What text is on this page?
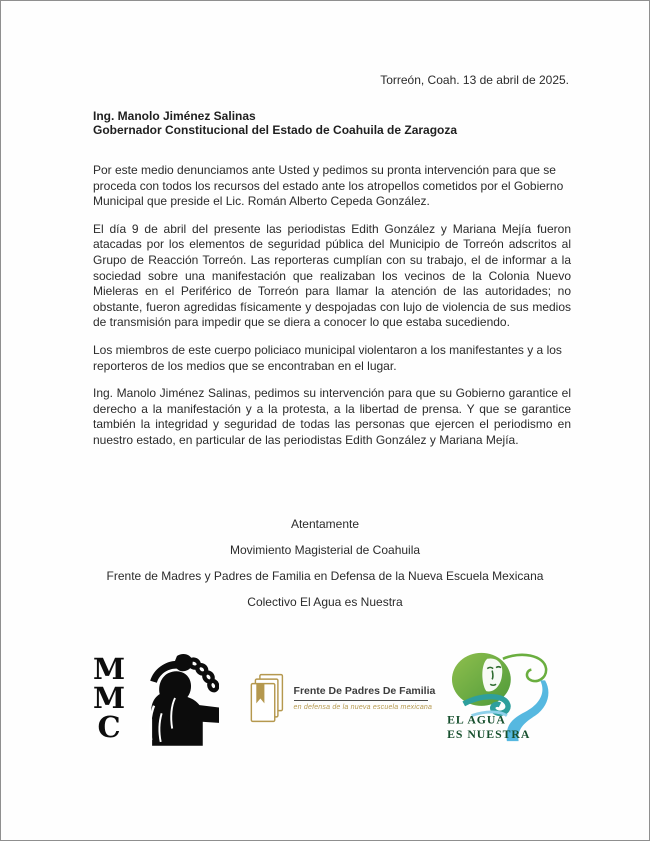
Torreón, Coah. 13 de abril de 2025.
Ing. Manolo Jiménez Salinas
Gobernador Constitucional del Estado de Coahuila de Zaragoza

Por este medio denunciamos ante Usted y pedimos su pronta intervención para que se proceda con todos los recursos del estado ante los atropellos cometidos por el Gobierno Municipal que preside el Lic. Román Alberto Cepeda González.

El día 9 de abril del presente las periodistas Edith González y Mariana Mejía fueron atacadas por los elementos de seguridad pública del Municipio de Torreón adscritos al Grupo de Reacción Torreón. Las reporteras cumplían con su trabajo, el de informar a la sociedad sobre una manifestación que realizaban los vecinos de la Colonia Nuevo Mieleras en el Periférico de Torreón para llamar la atención de las autoridades; no obstante, fueron agredidas físicamente y despojadas con lujo de violencia de sus medios de transmisión para impedir que se diera a conocer lo que estaba sucediendo.

Los miembros de este cuerpo policiaco municipal violentaron a los manifestantes y a los reporteros de los medios que se encontraban en el lugar.

Ing. Manolo Jiménez Salinas, pedimos su intervención para que su Gobierno garantice el derecho a la manifestación y a la protesta, a la libertad de prensa. Y que se garantice también la integridad y seguridad de todas las personas que ejercen el periodismo en nuestro estado, en particular de las periodistas Edith González y Mariana Mejía.

Atentamente
Movimiento Magisterial de Coahuila
Frente de Madres y Padres de Familia en Defensa de la Nueva Escuela Mexicana
Colectivo El Agua es Nuestra
M
M
C
Frente De Padres De Familia
en defensa de la nueva escuela mexicana
EL AGUA
ES NUESTRA
